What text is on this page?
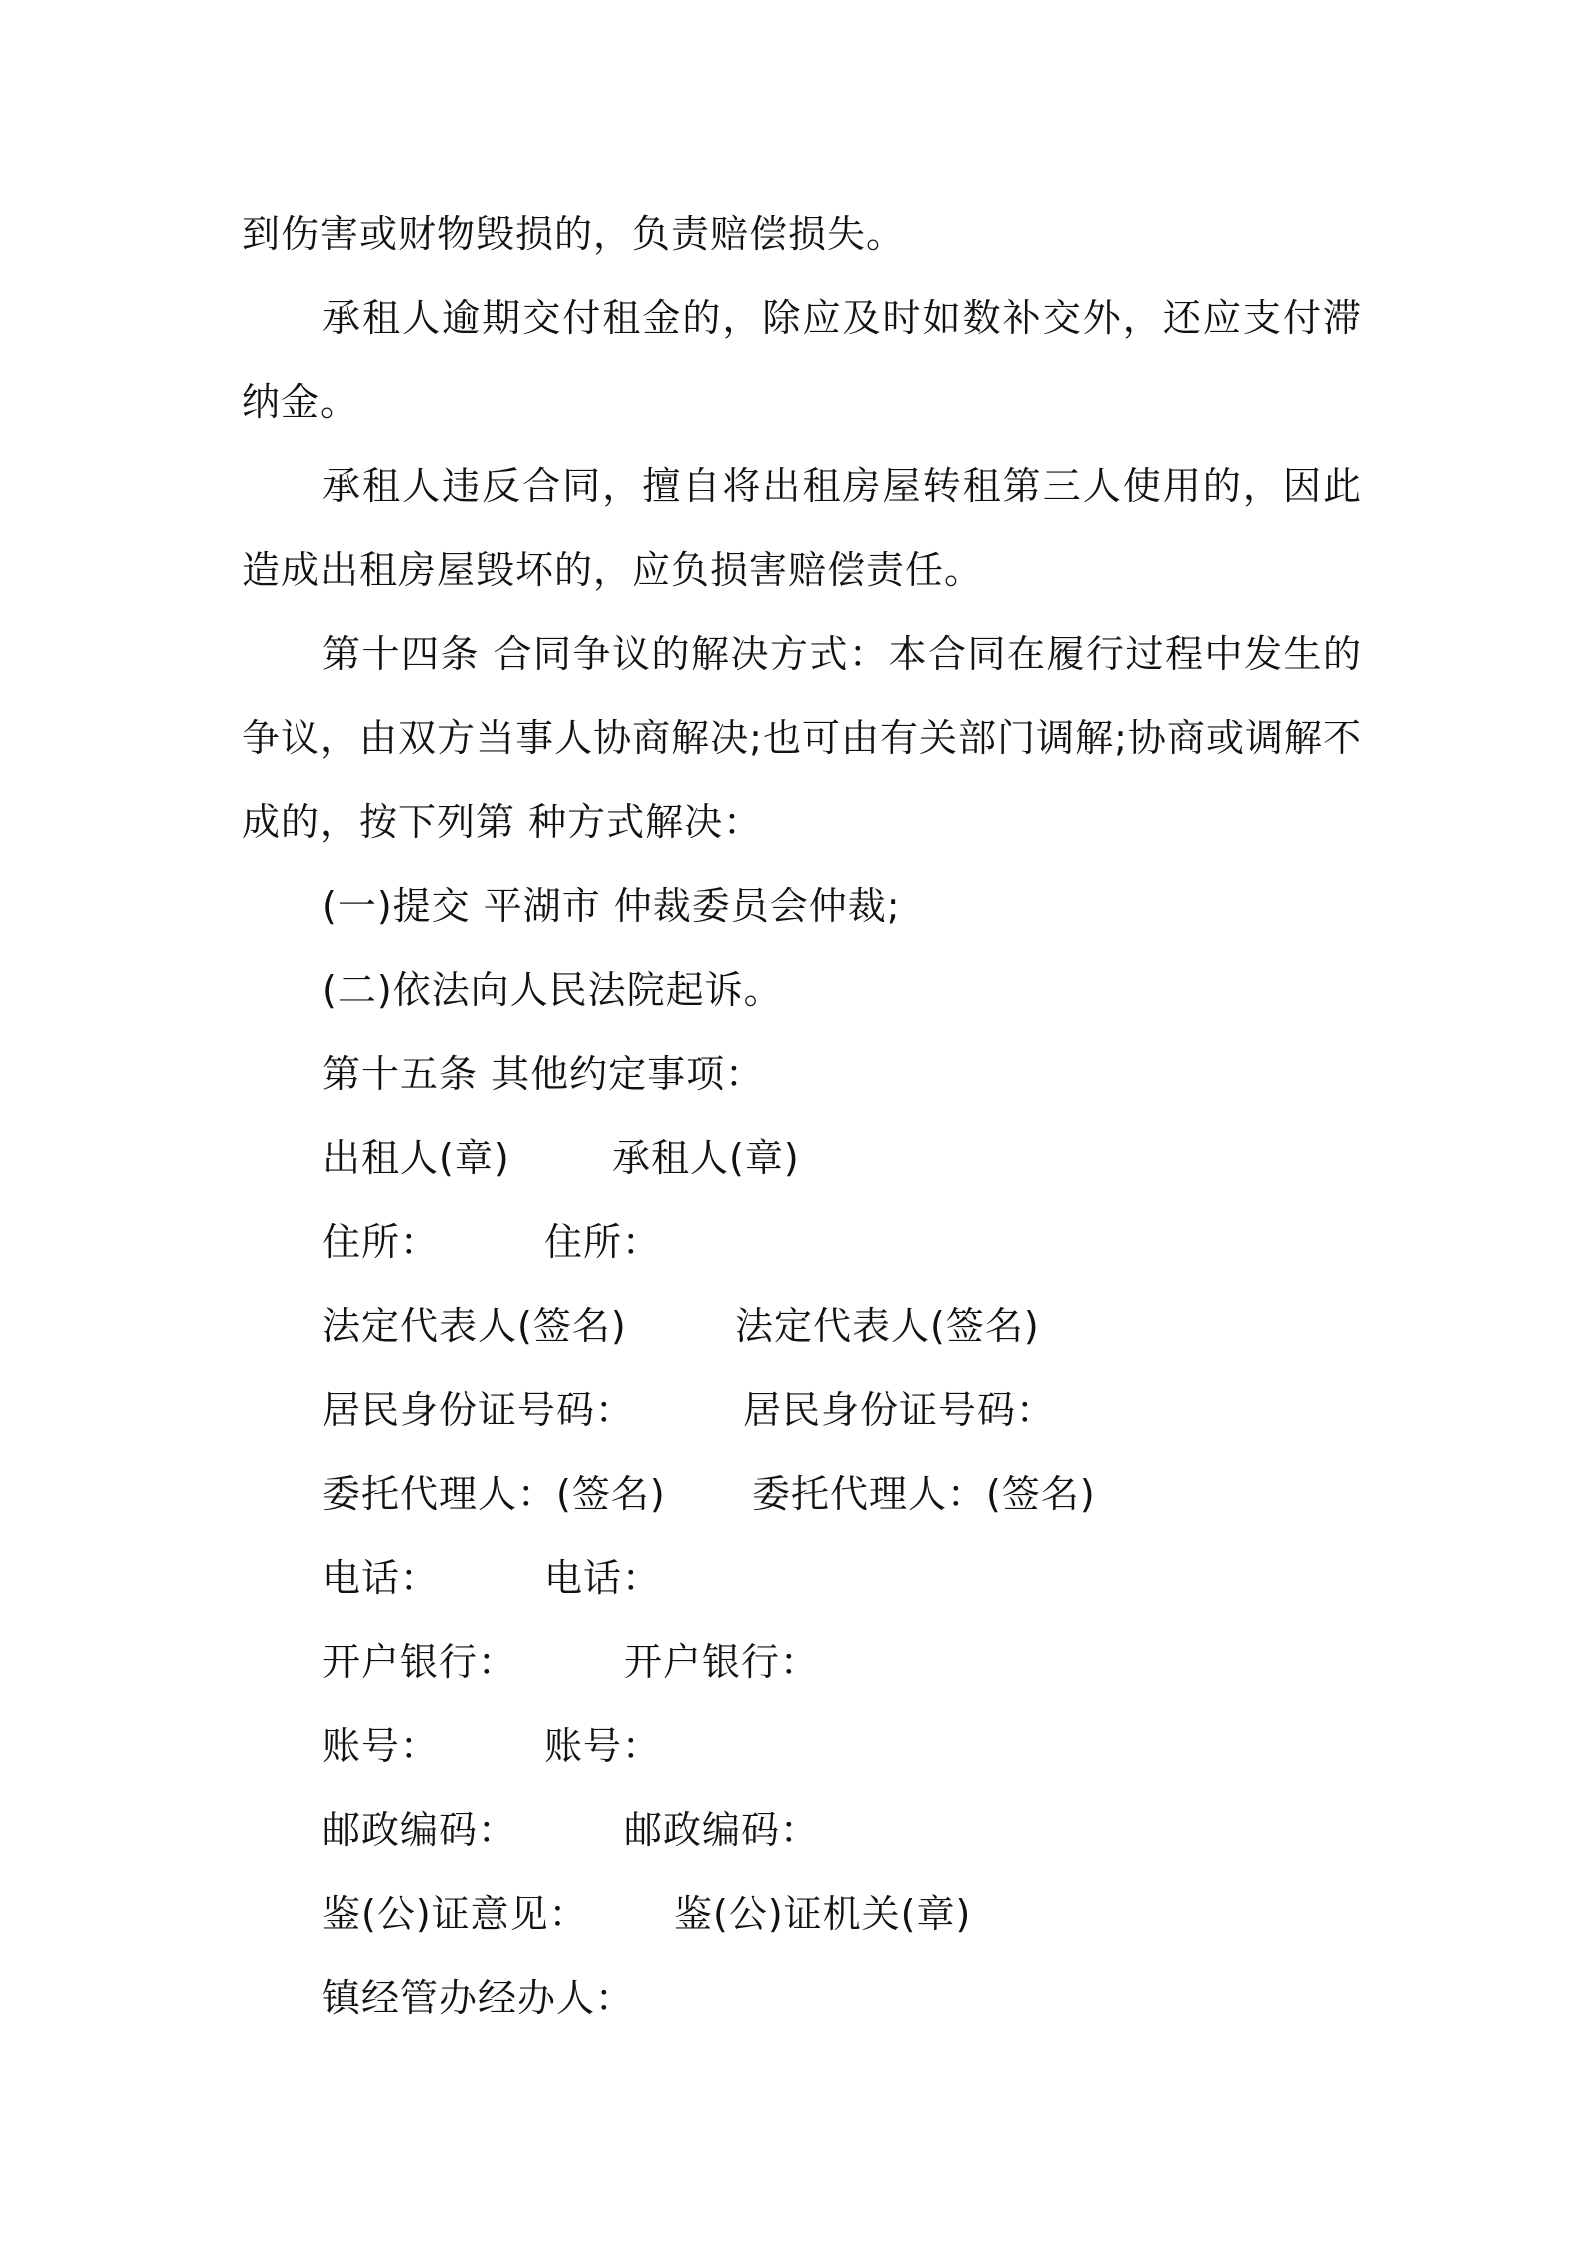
到伤害或财物毁损的，负责赔偿损失。

承租人逾期交付租金的，除应及时如数补交外，还应支付滞纳金。

承租人违反合同，擅自将出租房屋转租第三人使用的，因此造成出租房屋毁坏的，应负损害赔偿责任。

第十四条 合同争议的解决方式：本合同在履行过程中发生的争议，由双方当事人协商解决;也可由有关部门调解;协商或调解不成的，按下列第 种方式解决：

(一)提交 平湖市 仲裁委员会仲裁;

(二)依法向人民法院起诉。

第十五条 其他约定事项：

出租人(章)	承租人(章)
住所：	住所：
法定代表人(签名)	法定代表人(签名)
居民身份证号码：	居民身份证号码：
委托代理人：(签名) 委托代理人：(签名)
电话：	电话：
开户银行：	开户银行：
账号：	账号：
邮政编码：	邮政编码：
鉴(公)证意见： 鉴(公)证机关(章)

镇经管办经办人：
